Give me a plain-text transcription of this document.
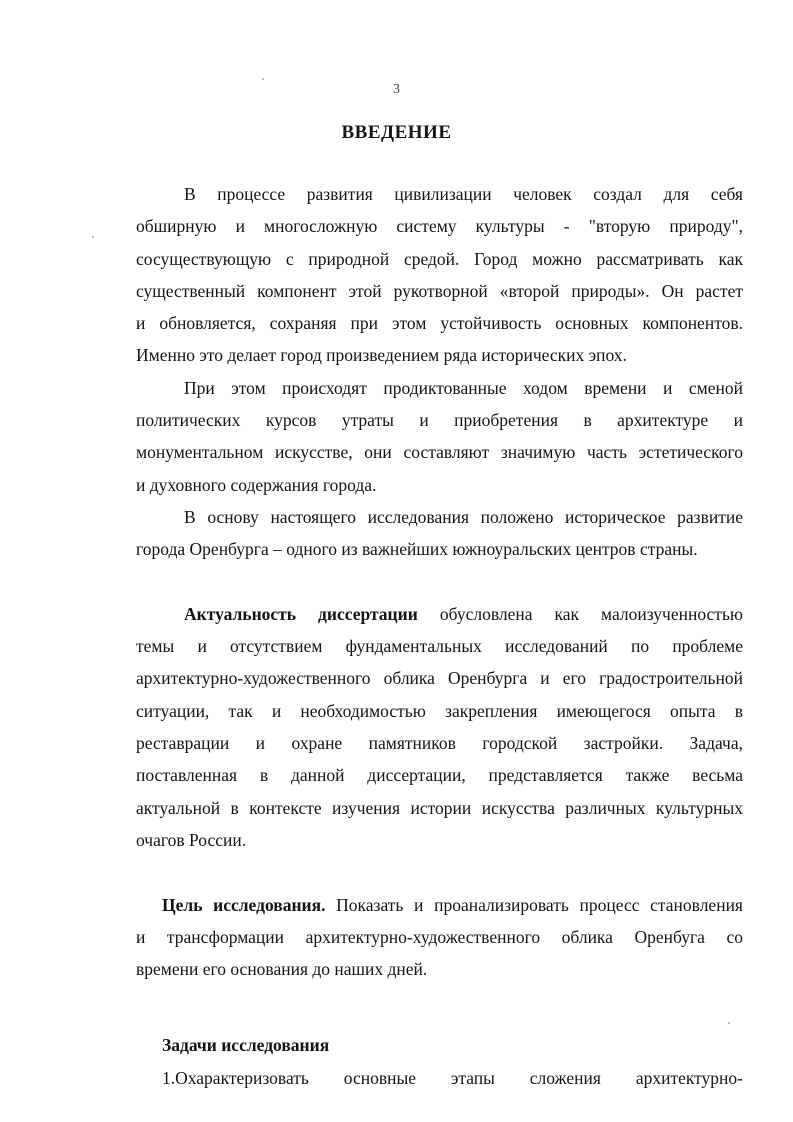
3
ВВЕДЕНИЕ
В процессе развития цивилизации человек создал для себя
обширную и многосложную систему культуры - "вторую природу",
сосуществующую с природной средой. Город можно рассматривать как
существенный компонент этой рукотворной «второй природы». Он растет
и обновляется, сохраняя при этом устойчивость основных компонентов.
Именно это делает город произведением ряда исторических эпох.
При этом происходят продиктованные ходом времени и сменой
политических курсов утраты и приобретения в архитектуре и
монументальном искусстве, они составляют значимую часть эстетического
и духовного содержания города.
В основу настоящего исследования положено историческое развитие
города Оренбурга – одного из важнейших южноуральских центров страны.
Актуальность диссертации обусловлена как малоизученностью
темы и отсутствием фундаментальных исследований по проблеме
архитектурно-художественного облика Оренбурга и его градостроительной
ситуации, так и необходимостью закрепления имеющегося опыта в
реставрации и охране памятников городской застройки. Задача,
поставленная в данной диссертации, представляется также весьма
актуальной в контексте изучения истории искусства различных культурных
очагов России.
Цель исследования. Показать и проанализировать процесс становления
и трансформации архитектурно-художественного облика Оренбуга со
времени его основания до наших дней.
Задачи исследования
1.Охарактеризовать основные этапы сложения архитектурно-
